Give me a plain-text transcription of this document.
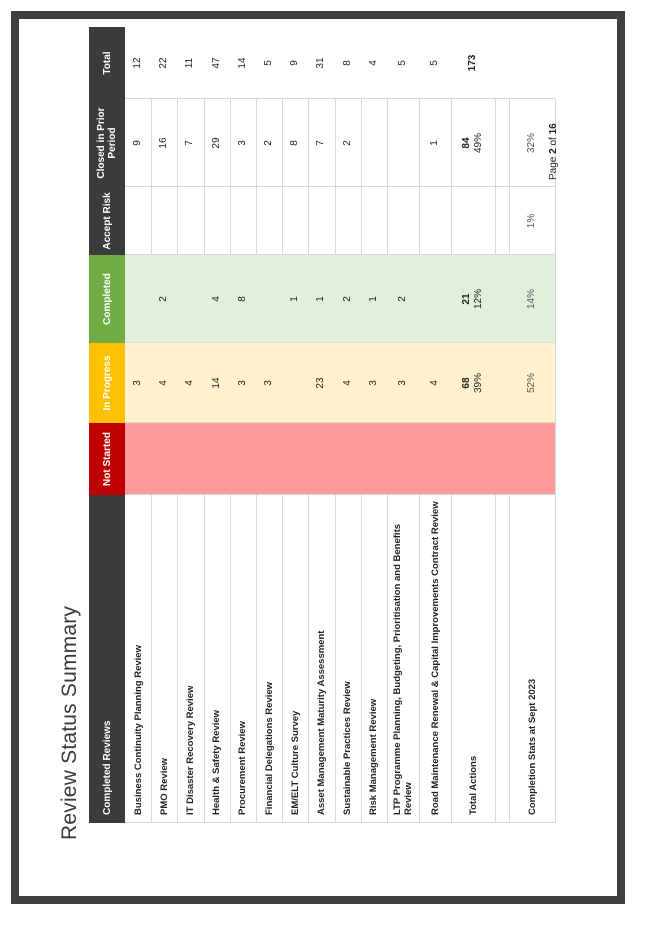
Review Status Summary	Completed Reviews
Not Started
In Progress
Completed
Accept Risk
Closed in Prior Period
Total
Business Continuity Planning Review
3
9
12
PMO Review
4
2
16
22
IT Disaster Recovery Review
4
7
11
Health & Safety Review
14
4
29
47
Procurement Review
3
8
3
14
Financial Delegations Review
3
2
5
EM/ELT Culture Survey
1
8
9
Asset Management Maturity Assessment
23
1
7
31
Sustainable Practices Review
4
2
2
8
Risk Management Review
3
1
4
LTP Programme Planning, Budgeting, Prioritisation and Benefits Review
3
2
5
Road Maintenance Renewal & Capital Improvements Contract Review
4
1
5
Total Actions
68 39%
21 12%
84 49%
173
Completion Stats at Sept 2023
52%
14%
1%
32%
Page 2 of 16
